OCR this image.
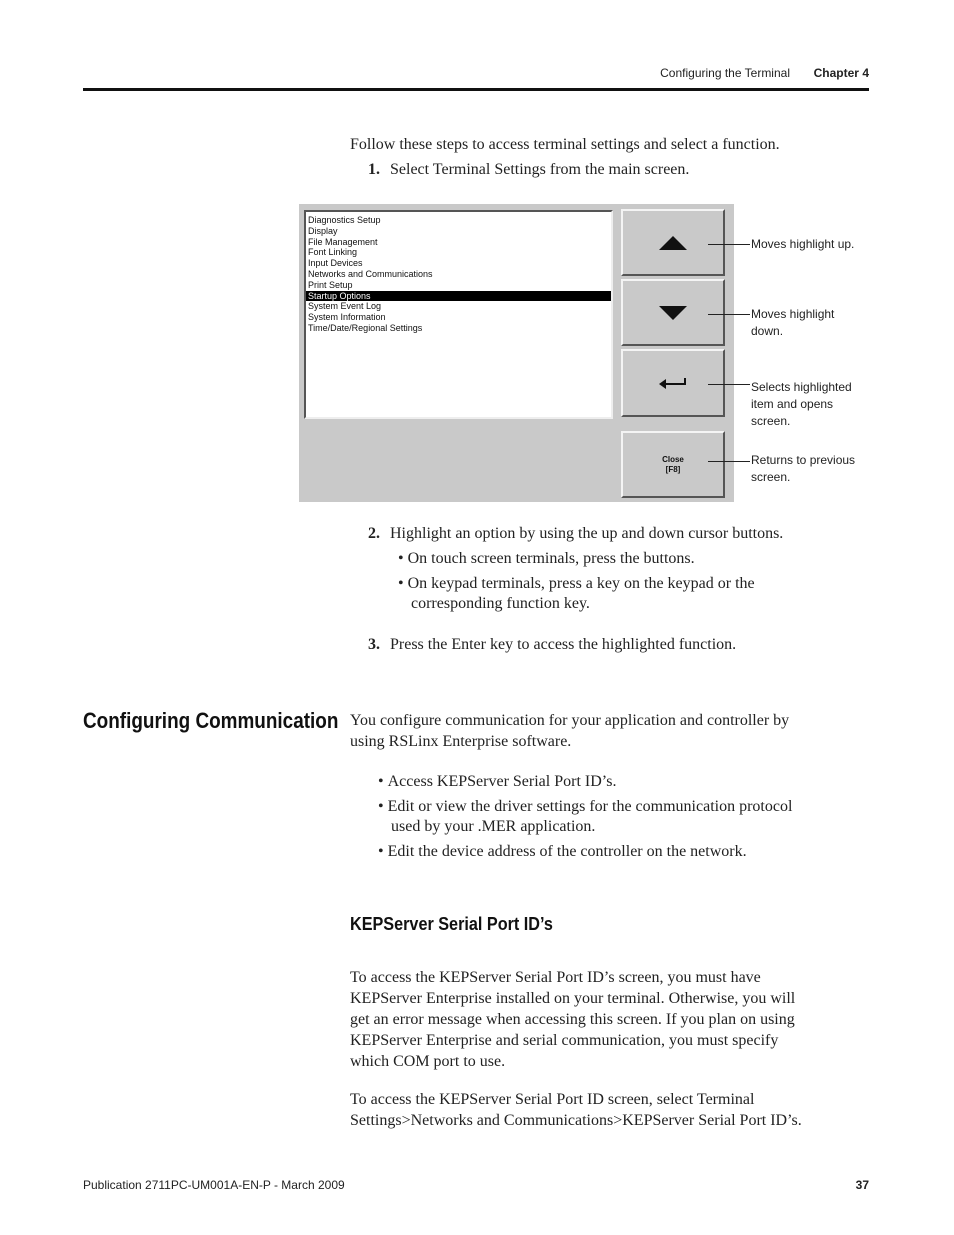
Configuring the Terminal	Chapter 4
Follow these steps to access terminal settings and select a function.
1. Select Terminal Settings from the main screen.
Diagnostics Setup
Display
File Management
Font Linking
Input Devices
Networks and Communications
Print Setup
Startup Options
System Event Log
System Information
Time/Date/Regional Settings
Close
[F8]
Moves highlight up.
Moves highlight
down.
Selects highlighted
item and opens
screen.
Returns to previous
screen.
2. Highlight an option by using the up and down cursor buttons.
• On touch screen terminals, press the buttons.
• On keypad terminals, press a key on the keypad or the
corresponding function key.
3. Press the Enter key to access the highlighted function.
Configuring Communication You configure communication for your application and controller by
using RSLinx Enterprise software.
• Access KEPServer Serial Port ID’s.
• Edit or view the driver settings for the communication protocol
used by your .MER application.
• Edit the device address of the controller on the network.
KEPServer Serial Port ID’s
To access the KEPServer Serial Port ID’s screen, you must have
KEPServer Enterprise installed on your terminal. Otherwise, you will
get an error message when accessing this screen. If you plan on using
KEPServer Enterprise and serial communication, you must specify
which COM port to use.
To access the KEPServer Serial Port ID screen, select Terminal
Settings>Networks and Communications>KEPServer Serial Port ID’s.
Publication 2711PC-UM001A-EN-P - March 2009	37
